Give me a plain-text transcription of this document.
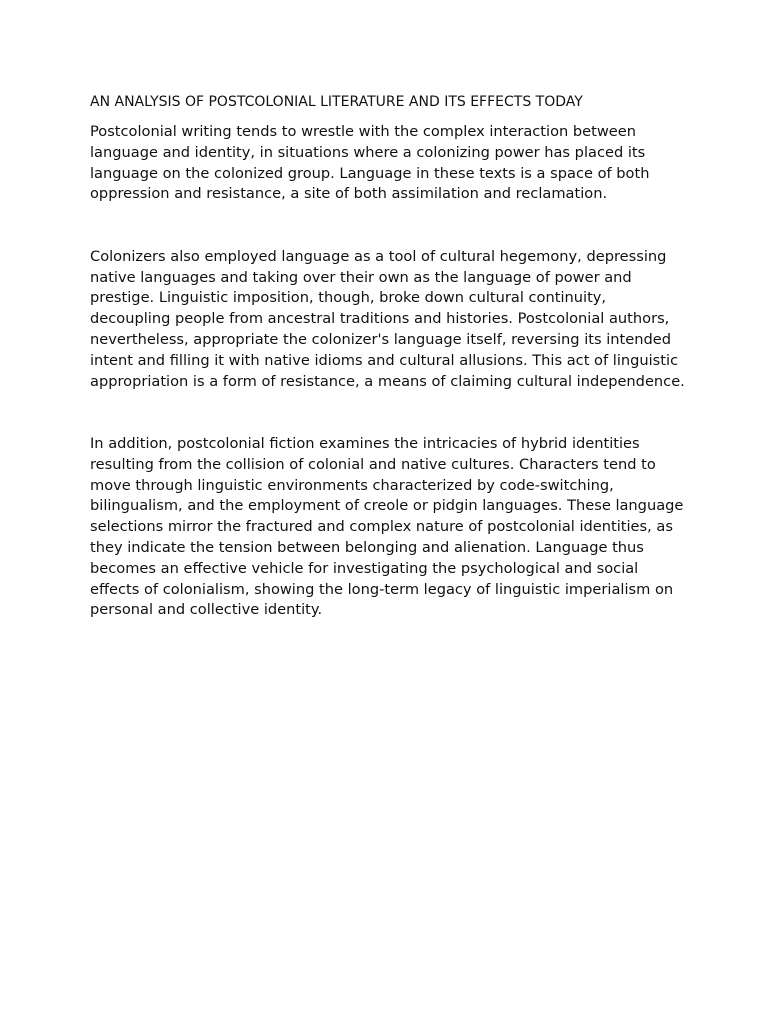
AN ANALYSIS OF POSTCOLONIAL LITERATURE AND ITS EFFECTS TODAY

Postcolonial writing tends to wrestle with the complex interaction between language and identity, in situations where a colonizing power has placed its language on the colonized group. Language in these texts is a space of both oppression and resistance, a site of both assimilation and reclamation.

Colonizers also employed language as a tool of cultural hegemony, depressing native languages and taking over their own as the language of power and prestige. Linguistic imposition, though, broke down cultural continuity, decoupling people from ancestral traditions and histories. Postcolonial authors, nevertheless, appropriate the colonizer's language itself, reversing its intended intent and filling it with native idioms and cultural allusions. This act of linguistic appropriation is a form of resistance, a means of claiming cultural independence.

In addition, postcolonial fiction examines the intricacies of hybrid identities resulting from the collision of colonial and native cultures. Characters tend to move through linguistic environments characterized by code-switching, bilingualism, and the employment of creole or pidgin languages. These language selections mirror the fractured and complex nature of postcolonial identities, as they indicate the tension between belonging and alienation. Language thus becomes an effective vehicle for investigating the psychological and social effects of colonialism, showing the long-term legacy of linguistic imperialism on personal and collective identity.
